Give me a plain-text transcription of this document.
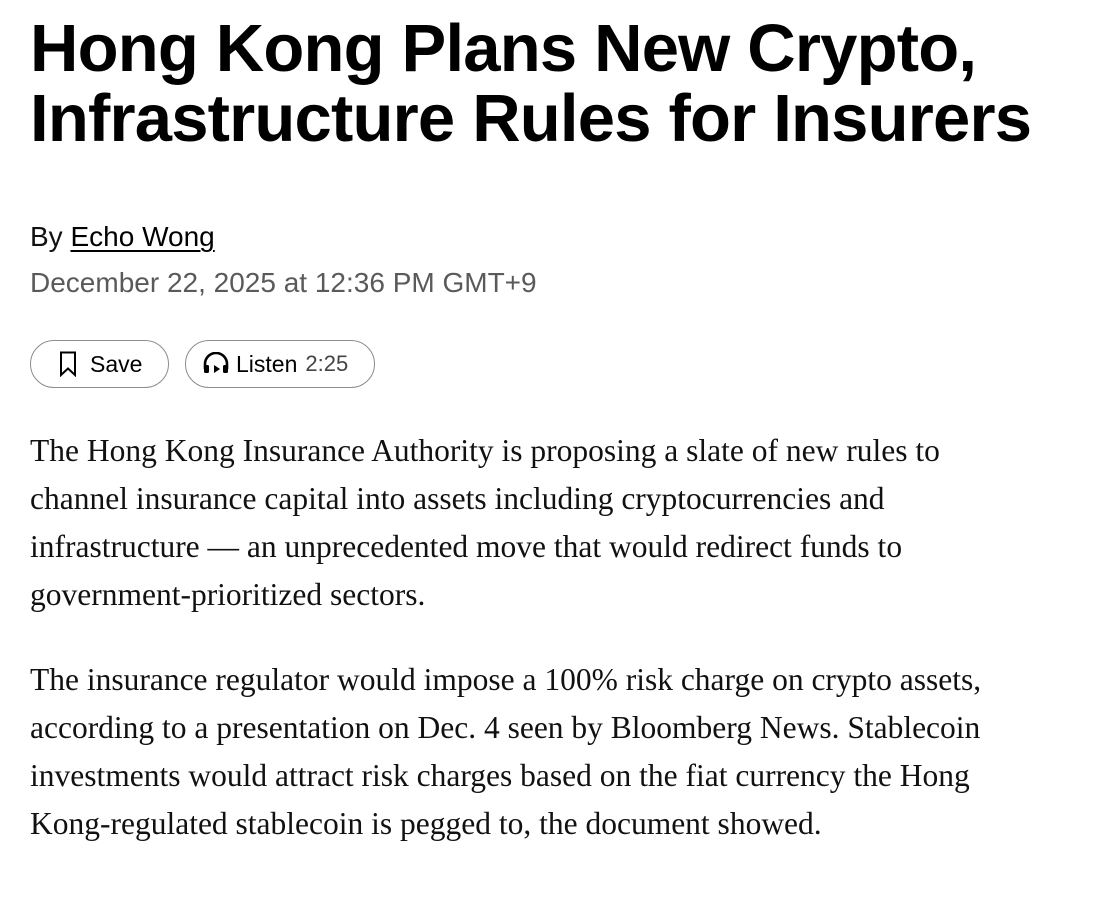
Hong Kong Plans New Crypto,
Infrastructure Rules for Insurers
By Echo Wong
December 22, 2025 at 12:36 PM GMT+9
Save	Listen 2:25

The Hong Kong Insurance Authority is proposing a slate of new rules to channel insurance capital into assets including cryptocurrencies and infrastructure — an unprecedented move that would redirect funds to government-prioritized sectors.

The insurance regulator would impose a 100% risk charge on crypto assets, according to a presentation on Dec. 4 seen by Bloomberg News. Stablecoin investments would attract risk charges based on the fiat currency the Hong Kong-regulated stablecoin is pegged to, the document showed.
